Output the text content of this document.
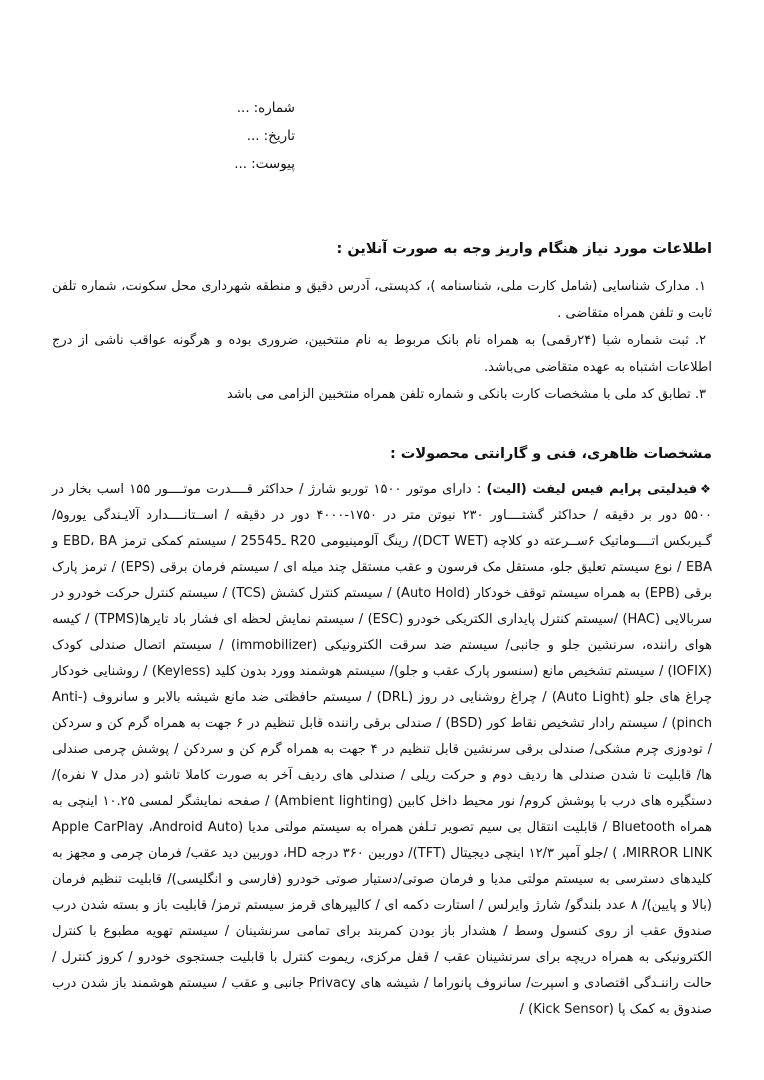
شماره:...
تاریخ:...
پیوست:...
اطلاعات مورد نیاز هنگام واریز وجه به صورت آنلاین :

۱. مدارک شناسایی (شامل کارت ملی، شناسنامه )، کدپستی، آدرس دقیق و منطقه شهرداری محل سکونت، شماره تلفن ثابت و تلفن همراه متقاضی .

۲. ثبت شماره شبا (۲۴رقمی) به همراه نام بانک مربوط به نام منتخبین، ضروری بوده و هرگونه عواقب ناشی از درج اطلاعات اشتباه به عهده متقاضی می‌باشد.

۳. تطابق کد ملی با مشخصات کارت بانکی و شماره تلفن همراه منتخبین الزامی می باشد

مشخصات ظاهری، فنی و گارانتی محصولات :

❖فیدلیتی پرایم فیس لیفت (الیت) : دارای موتور ۱۵۰۰ توربو شارژ / حداکثر قــــدرت موتــــور ۱۵۵ اسب بخار در ۵۵۰۰ دور بر دقیقه / حداکثر گشتــــاور ۲۳۰ نیوتن متر در ۱۷۵۰-۴۰۰۰ دور در دقیقه / اســتانــــدارد آلایـندگی یورو۵/ گـیربکس اتــــوماتیک ۶ســرعته دو کلاچه (DCT WET)/ رینگ آلومینیومی ⁦255ـ45 R20⁩ / سیستم کمکی ترمز EBD، BA و EBA / نوع سیستم تعلیق جلو، مستقل مک فرسون و عقب مستقل چند میله ای / سیستم فرمان برقی (EPS) / ترمز پارک برقی (EPB) به همراه سیستم توقف خودکار (Auto Hold) / سیستم کنترل کشش (TCS) / سیستم کنترل حرکت خودرو در سربالایی (HAC) /سیستم کنترل پایداری الکتریکی خودرو (ESC) / سیستم نمایش لحظه ای فشار باد تایرها(TPMS) / کیسه هوای راننده، سرنشین جلو و جانبی/ سیستم ضد سرقت الکترونیکی (immobilizer) / سیستم اتصال صندلی کودک (IOFIX) / سیستم تشخیص مانع (سنسور پارک عقب و جلو)/ سیستم هوشمند وورد بدون کلید (Keyless) / روشنایی خودکار چراغ های جلو (Auto Light) / چراغ روشنایی در روز (DRL) / سیستم حافظتی ضد مانع شیشه بالابر و سانروف (Anti-pinch) / سیستم رادار تشخیص نقاط کور (BSD) / صندلی برقی راننده قابل تنظیم در ۶ جهت به همراه گرم کن و سردکن / تودوزی چرم مشکی/ صندلی برقی سرنشین قابل تنظیم در ۴ جهت به همراه گرم کن و سردکن / پوشش چرمی صندلی ها/ قابلیت تا شدن صندلی ها ردیف دوم و حرکت ریلی / صندلی های ردیف آخر به صورت کاملا تاشو (در مدل ۷ نفره)/ دستگیره های درب با پوشش کروم/ نور محیط داخل کابین (Ambient lighting) / صفحه نمایشگر لمسی ۱۰.۲۵ اینچی به همراه Bluetooth / قابلیت انتقال بی سیم تصویر تـلفن همراه به سیستم مولتی مدیا (Apple CarPlay ،Android Auto ،MIRROR LINK ) /جلو آمپر ۱۲/۳ اینچی دیجیتال (TFT)/ دوربین ۳۶۰ درجه HD، دوربین دید عقب/ فرمان چرمی و مجهز به کلیدهای دسترسی به سیستم مولتی مدیا و فرمان صوتی/دستیار صوتی خودرو (فارسی و انگلیسی)/ قابلیت تنظیم فرمان (بالا و پایین)/ ۸ عدد بلندگو/ شارژ وایرلس / استارت دکمه ای / کالیپرهای قرمز سیستم ترمز/ قابلیت باز و بسته شدن درب صندوق عقب از روی کنسول وسط / هشدار باز بودن کمربند برای تمامی سرنشینان / سیستم تهویه مطبوع با کنترل الکترونیکی به همراه دریچه برای سرنشینان عقب / قفل مرکزی، ریموت کنترل با قابلیت جستجوی خودرو / کروز کنترل / حالت راننـدگی اقتصادی و اسپرت/ سانروف پانوراما / شیشه های Privacy جانبی و عقب / سیستم هوشمند باز شدن درب صندوق به کمک پا (Kick Sensor) /
